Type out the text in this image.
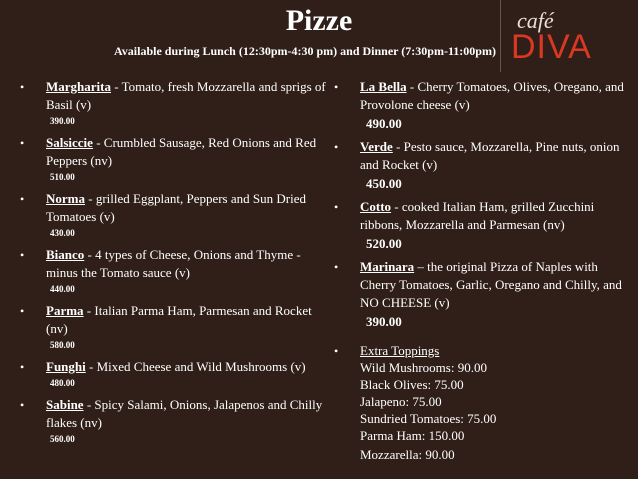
Pizze
Available during Lunch (12:30pm-4:30 pm) and Dinner (7:30pm-11:00pm)
café
DIVA
• Margharita - Tomato, fresh Mozzarella and sprigs of Basil (v)
390.00
• Salsiccie - Crumbled Sausage, Red Onions and Red Peppers (nv)
510.00
• Norma - grilled Eggplant, Peppers and Sun Dried Tomatoes (v)
430.00
• Bianco - 4 types of Cheese, Onions and Thyme - minus the Tomato sauce (v)
440.00
• Parma - Italian Parma Ham, Parmesan and Rocket (nv)
580.00
• Funghi - Mixed Cheese and Wild Mushrooms (v)
480.00
• Sabine - Spicy Salami, Onions, Jalapenos and Chilly flakes (nv)
560.00
• La Bella - Cherry Tomatoes, Olives, Oregano, and Provolone cheese (v)
490.00
• Verde - Pesto sauce, Mozzarella, Pine nuts, onion and Rocket (v)
450.00
• Cotto - cooked Italian Ham, grilled Zucchini ribbons, Mozzarella and Parmesan (nv)
520.00
• Marinara – the original Pizza of Naples with Cherry Tomatoes, Garlic, Oregano and Chilly, and NO CHEESE (v)
390.00
• Extra Toppings
Wild Mushrooms: 90.00
Black Olives: 75.00
Jalapeno: 75.00
Sundried Tomatoes: 75.00
Parma Ham: 150.00
Mozzarella: 90.00
